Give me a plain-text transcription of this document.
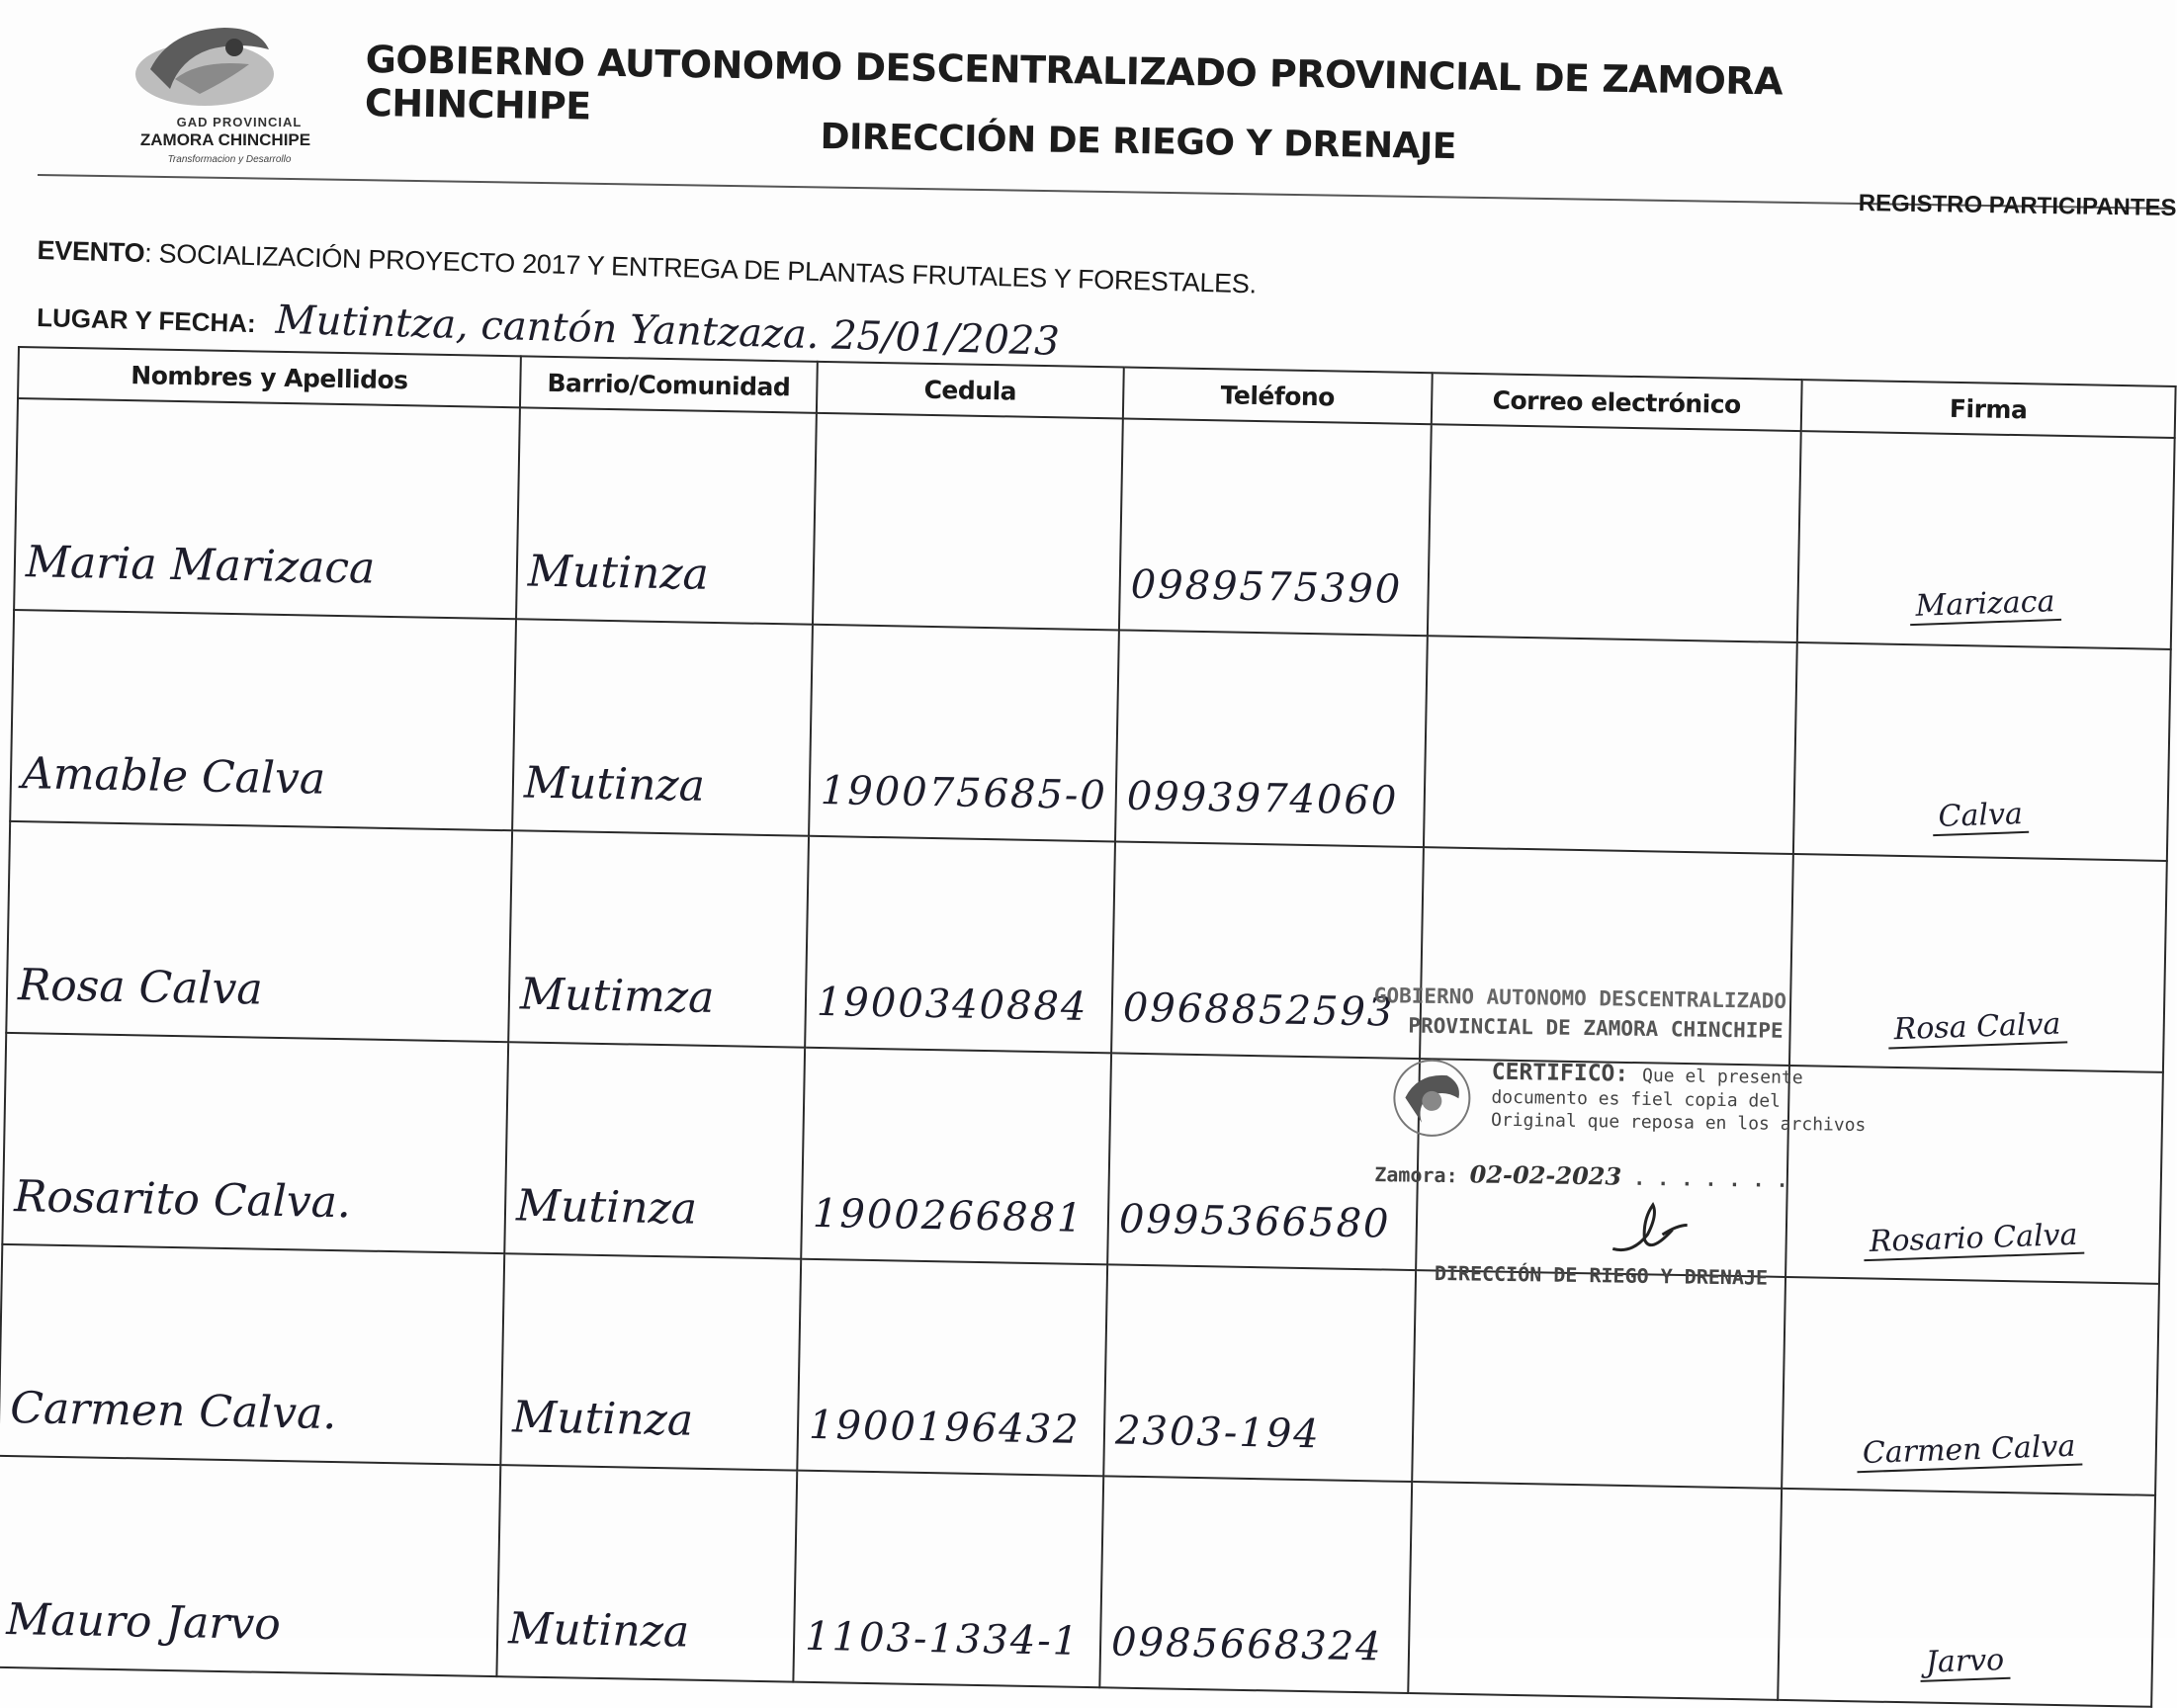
GAD PROVINCIAL
ZAMORA CHINCHIPE
Transformacion y Desarrollo
GOBIERNO AUTONOMO DESCENTRALIZADO PROVINCIAL DE ZAMORA CHINCHIPE
DIRECCIÓN DE RIEGO Y DRENAJE
REGISTRO PARTICIPANTES
EVENTO: SOCIALIZACIÓN PROYECTO 2017 Y ENTREGA DE PLANTAS FRUTALES Y FORESTALES.
LUGAR Y FECHA: Mutintza, cantón Yantzaza. 25/01/2023
Nombres y Apellidos	Barrio/Comunidad	Cedula	Teléfono	Correo electrónico	Firma
Maria Marizaca	Mutinza		0989575390		Marizaca
Amable Calva	Mutinza	190075685-0	0993974060		Calva
Rosa Calva	Mutimza	1900340884	0968852593		Rosa Calva
Rosarito Calva.	Mutinza	1900266881	0995366580		Rosario Calva
Carmen Calva.	Mutinza	1900196432	2303-194		Carmen Calva
Mauro Jarvo	Mutinza	1103-1334-1	0985668324		Jarvo
GOBIERNO AUTONOMO DESCENTRALIZADO
PROVINCIAL DE ZAMORA CHINCHIPE
CERTIFICO: Que el presente
documento es fiel copia del
Original que reposa en los archivos
Zamora: 02-02-2023 . . . . . . .
DIRECCIÓN DE RIEGO Y DRENAJE
